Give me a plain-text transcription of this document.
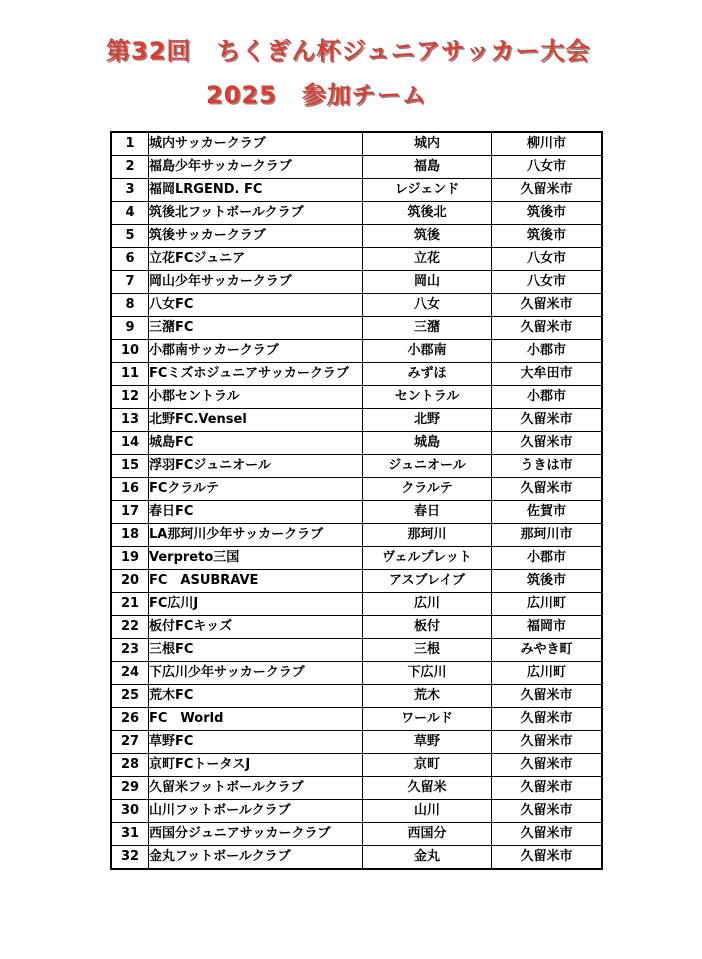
第32回　ちくぎん杯ジュニアサッカー大会
2025　参加チーム
1	城内サッカークラブ	城内	柳川市
2	福島少年サッカークラブ	福島	八女市
3	福岡LRGEND. FC	レジェンド	久留米市
4	筑後北フットボールクラブ	筑後北	筑後市
5	筑後サッカークラブ	筑後	筑後市
6	立花FCジュニア	立花	八女市
7	岡山少年サッカークラブ	岡山	八女市
8	八女FC	八女	久留米市
9	三潴FC	三潴	久留米市
10	小郡南サッカークラブ	小郡南	小郡市
11	FCミズホジュニアサッカークラブ	みずほ	大牟田市
12	小郡セントラル	セントラル	小郡市
13	北野FC.Vensel	北野	久留米市
14	城島FC	城島	久留米市
15	浮羽FCジュニオール	ジュニオール	うきは市
16	FCクラルテ	クラルテ	久留米市
17	春日FC	春日	佐賀市
18	LA那珂川少年サッカークラブ	那珂川	那珂川市
19	Verpreto三国	ヴェルプレット	小郡市
20	FC　ASUBRAVE	アスブレイブ	筑後市
21	FC広川J	広川	広川町
22	板付FCキッズ	板付	福岡市
23	三根FC	三根	みやき町
24	下広川少年サッカークラブ	下広川	広川町
25	荒木FC	荒木	久留米市
26	FC　World	ワールド	久留米市
27	草野FC	草野	久留米市
28	京町FCトータスJ	京町	久留米市
29	久留米フットボールクラブ	久留米	久留米市
30	山川フットボールクラブ	山川	久留米市
31	西国分ジュニアサッカークラブ	西国分	久留米市
32	金丸フットボールクラブ	金丸	久留米市
